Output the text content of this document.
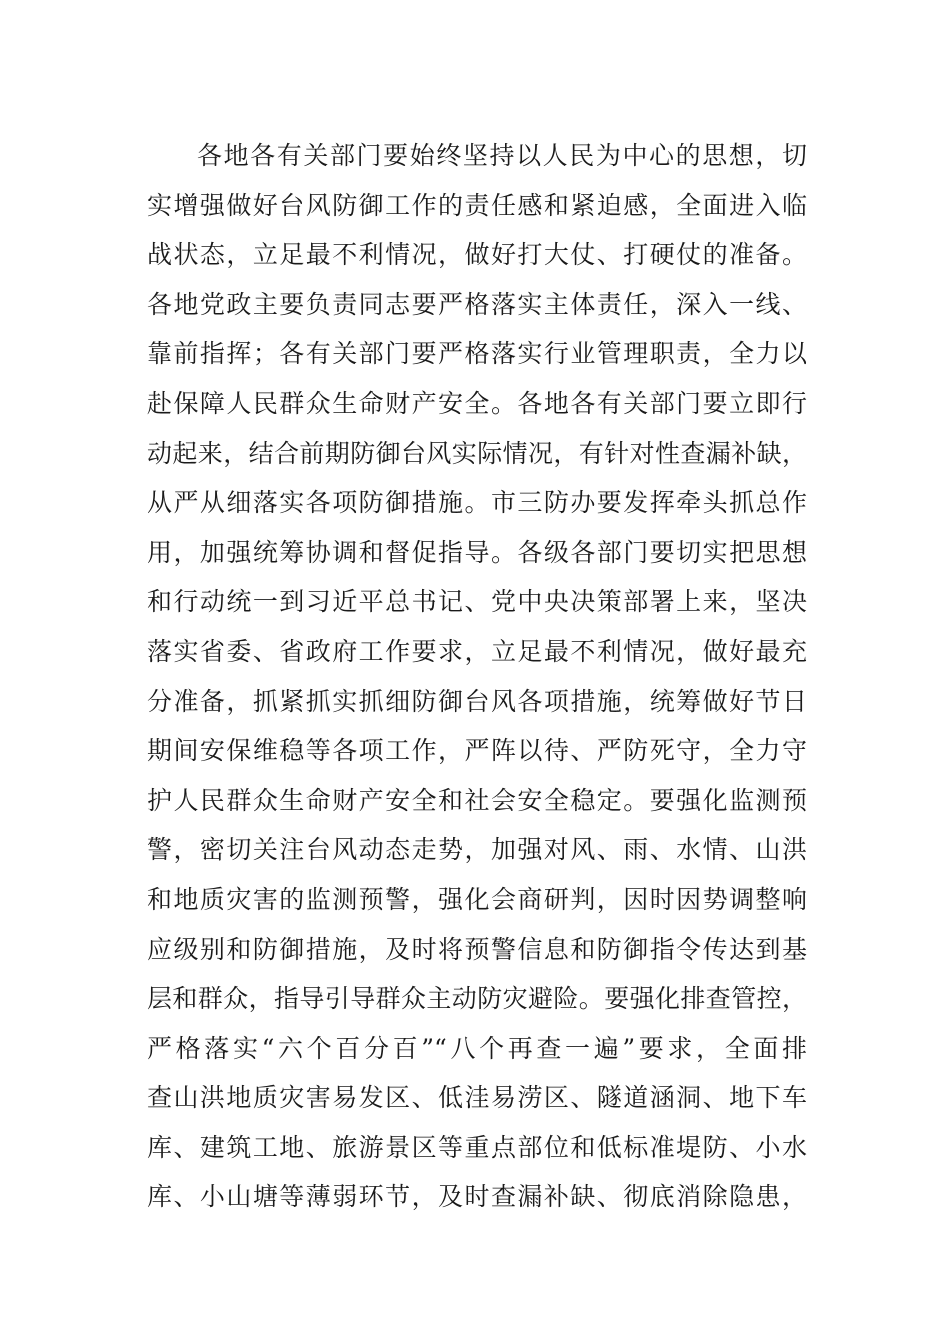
各地各有关部门要始终坚持以人民为中心的思想，切
实增强做好台风防御工作的责任感和紧迫感，全面进入临
战状态，立足最不利情况，做好打大仗、打硬仗的准备。
各地党政主要负责同志要严格落实主体责任，深入一线、
靠前指挥；各有关部门要严格落实行业管理职责，全力以
赴保障人民群众生命财产安全。各地各有关部门要立即行
动起来，结合前期防御台风实际情况，有针对性查漏补缺，
从严从细落实各项防御措施。市三防办要发挥牵头抓总作
用，加强统筹协调和督促指导。各级各部门要切实把思想
和行动统一到习近平总书记、党中央决策部署上来，坚决
落实省委、省政府工作要求，立足最不利情况，做好最充
分准备，抓紧抓实抓细防御台风各项措施，统筹做好节日
期间安保维稳等各项工作，严阵以待、严防死守，全力守
护人民群众生命财产安全和社会安全稳定。要强化监测预
警，密切关注台风动态走势，加强对风、雨、水情、山洪
和地质灾害的监测预警，强化会商研判，因时因势调整响
应级别和防御措施，及时将预警信息和防御指令传达到基
层和群众，指导引导群众主动防灾避险。要强化排查管控，
严格落实“六个百分百”“八个再查一遍”要求，全面排
查山洪地质灾害易发区、低洼易涝区、隧道涵洞、地下车
库、建筑工地、旅游景区等重点部位和低标准堤防、小水
库、小山塘等薄弱环节，及时查漏补缺、彻底消除隐患，
